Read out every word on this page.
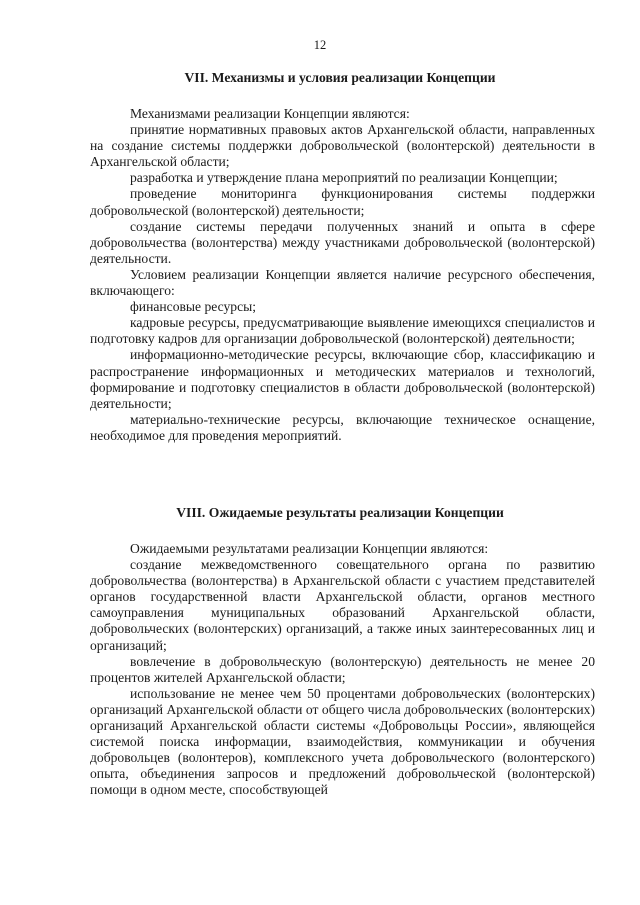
12
VII. Механизмы и условия реализации Концепции

Механизмами реализации Концепции являются:

принятие нормативных правовых актов Архангельской области, направленных на создание системы поддержки добровольческой (волонтерской) деятельности в Архангельской области;

разработка и утверждение плана мероприятий по реализации Концепции;

проведение мониторинга функционирования системы поддержки добровольческой (волонтерской) деятельности;

создание системы передачи полученных знаний и опыта в сфере добровольчества (волонтерства) между участниками добровольческой (волонтерской) деятельности.

Условием реализации Концепции является наличие ресурсного обеспечения, включающего:

финансовые ресурсы;

кадровые ресурсы, предусматривающие выявление имеющихся специалистов и подготовку кадров для организации добровольческой (волонтерской) деятельности;

информационно-методические ресурсы, включающие сбор, классификацию и распространение информационных и методических материалов и технологий, формирование и подготовку специалистов в области добровольческой (волонтерской) деятельности;

материально-технические ресурсы, включающие техническое оснащение, необходимое для проведения мероприятий.

VIII. Ожидаемые результаты реализации Концепции

Ожидаемыми результатами реализации Концепции являются:

создание межведомственного совещательного органа по развитию добровольчества (волонтерства) в Архангельской области с участием представителей органов государственной власти Архангельской области, органов местного самоуправления муниципальных образований Архангельской области, добровольческих (волонтерских) организаций, а также иных заинтересованных лиц и организаций;

вовлечение в добровольческую (волонтерскую) деятельность не менее 20 процентов жителей Архангельской области;

использование не менее чем 50 процентами добровольческих (волонтерских) организаций Архангельской области от общего числа добровольческих (волонтерских) организаций Архангельской области системы «Добровольцы России», являющейся системой поиска информации, взаимодействия, коммуникации и обучения добровольцев (волонтеров), комплексного учета добровольческого (волонтерского) опыта, объединения запросов и предложений добровольческой (волонтерской) помощи в одном месте, способствующей
